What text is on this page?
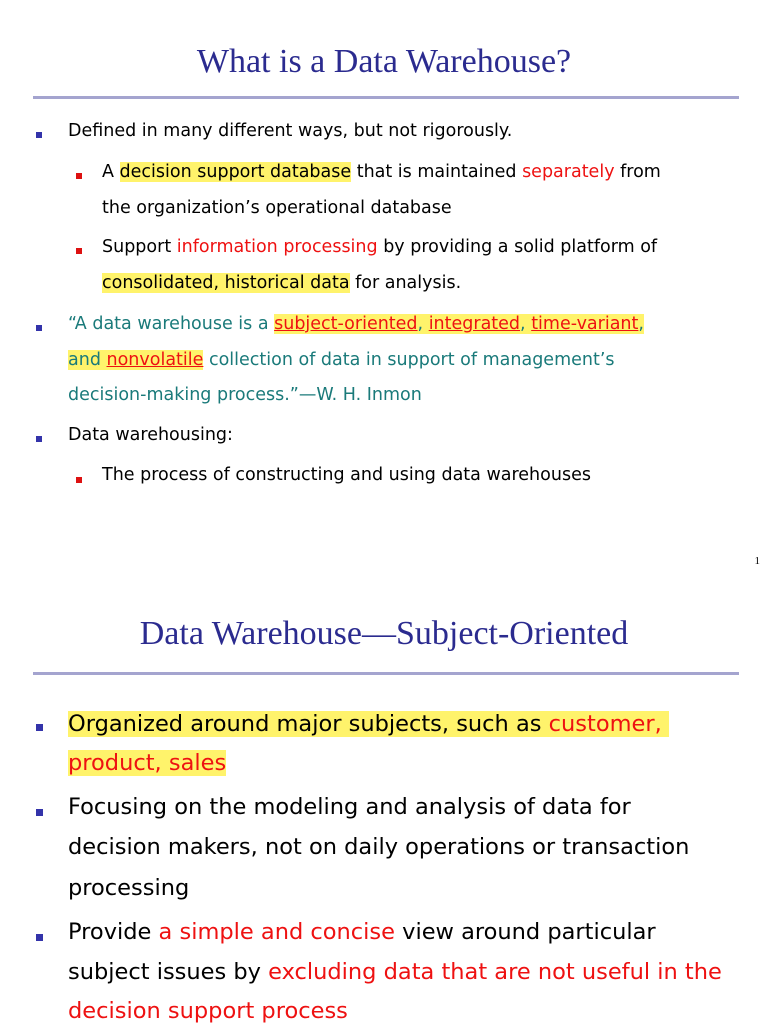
What is a Data Warehouse?
Defined in many different ways, but not rigorously.
A decision support database that is maintained separately from
the organization’s operational database
Support information processing by providing a solid platform of
consolidated, historical data for analysis.
“A data warehouse is a subject-oriented, integrated, time-variant,
and nonvolatile collection of data in support of management’s
decision-making process.”—W. H. Inmon
Data warehousing:
The process of constructing and using data warehouses
1
Data Warehouse—Subject-Oriented
Organized around major subjects, such as customer,
product, sales
Focusing on the modeling and analysis of data for
decision makers, not on daily operations or transaction
processing
Provide a simple and concise view around particular
subject issues by excluding data that are not useful in the
decision support process
